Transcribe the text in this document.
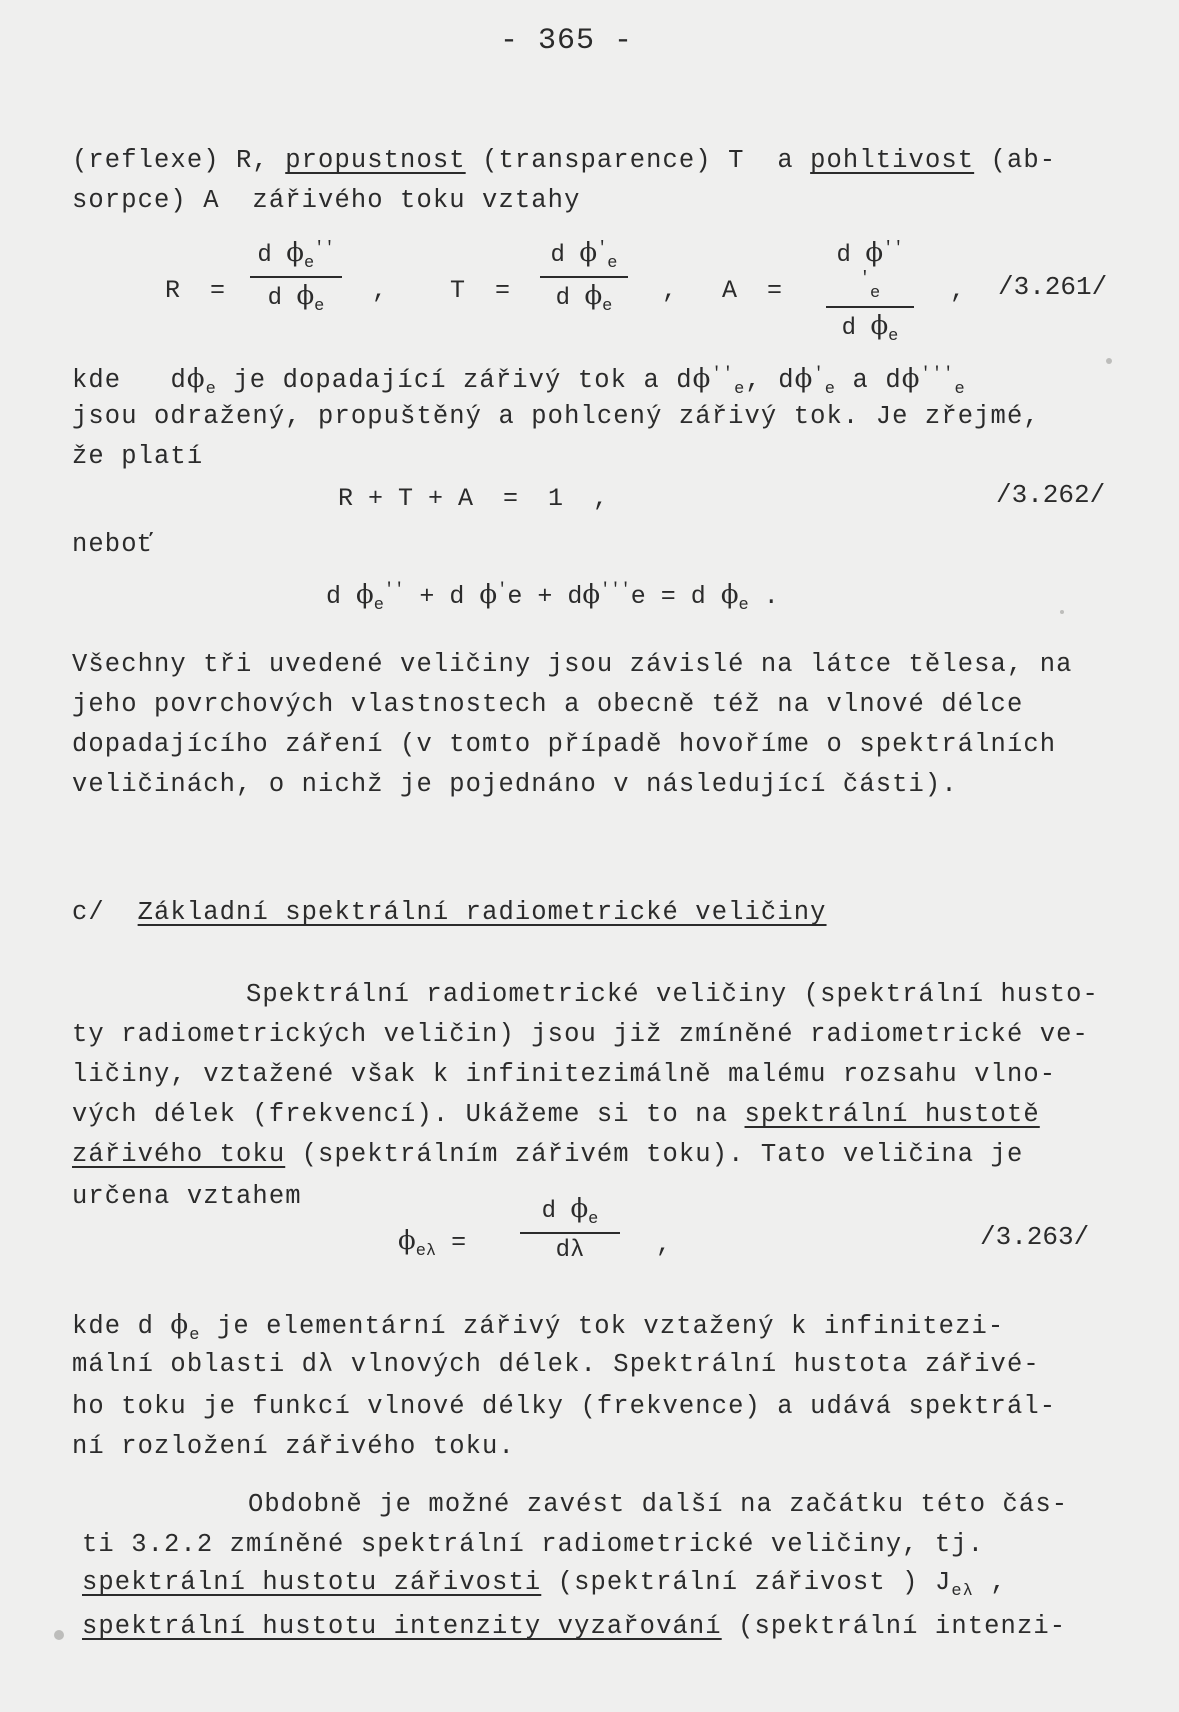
- 365 -
(reflexe) R, propustnost (transparence) T  a pohltivost (ab-
sorpce) A  zářivého toku vztahy
R  =
d $\phi_e''$
d $\phi_e$
,	T  =
d $\phi'_e$
d $\phi_e$
, A  =
d $\phi'''_e$
d $\phi_e$
, /3.261/
kde $d\phi_e$ je dopadající zářivý tok a $d\phi''_e$, $d\phi'_e$ a $d\phi'''_e$
jsou odražený, propuštěný a pohlcený zářivý tok. Je zřejmé,
že platí
R + T + A  =  1  ,	/3.262/
neboť
d $\phi_e'' + d$ ϕ′e + dϕ′′′e = d $\phi_e$ .
Všechny tři uvedené veličiny jsou závislé na látce tělesa, na
jeho povrchových vlastnostech a obecně též na vlnové délce
dopadajícího záření (v tomto případě hovoříme o spektrálních
veličinách, o nichž je pojednáno v následující části).
c/ Základní spektrální radiometrické veličiny
Spektrální radiometrické veličiny (spektrální husto-
ty radiometrických veličin) jsou již zmíněné radiometrické ve-
ličiny, vztažené však k infinitezimálně malému rozsahu vlno-
vých délek (frekvencí). Ukážeme si to na spektrální hustotě
zářivého toku (spektrálním zářivém toku). Tato veličina je
určena vztahem
$\phi_{e\lambda}$ =
d $\phi_e$
dλ	,	/3.263/
kde d $\phi_e$ je elementární zářivý tok vztažený k infinitezi-
mální oblasti dλ vlnových délek. Spektrální hustota zářivé-
ho toku je funkcí vlnové délky (frekvence) a udává spektrál-
ní rozložení zářivého toku.
Obdobně je možné zavést další na začátku této čás-
ti 3.2.2 zmíněné spektrální radiometrické veličiny, tj.
spektrální hustotu zářivosti (spektrální zářivost ) $J_{e\lambda}$ ,
spektrální hustotu intenzity vyzařování (spektrální intenzi-
